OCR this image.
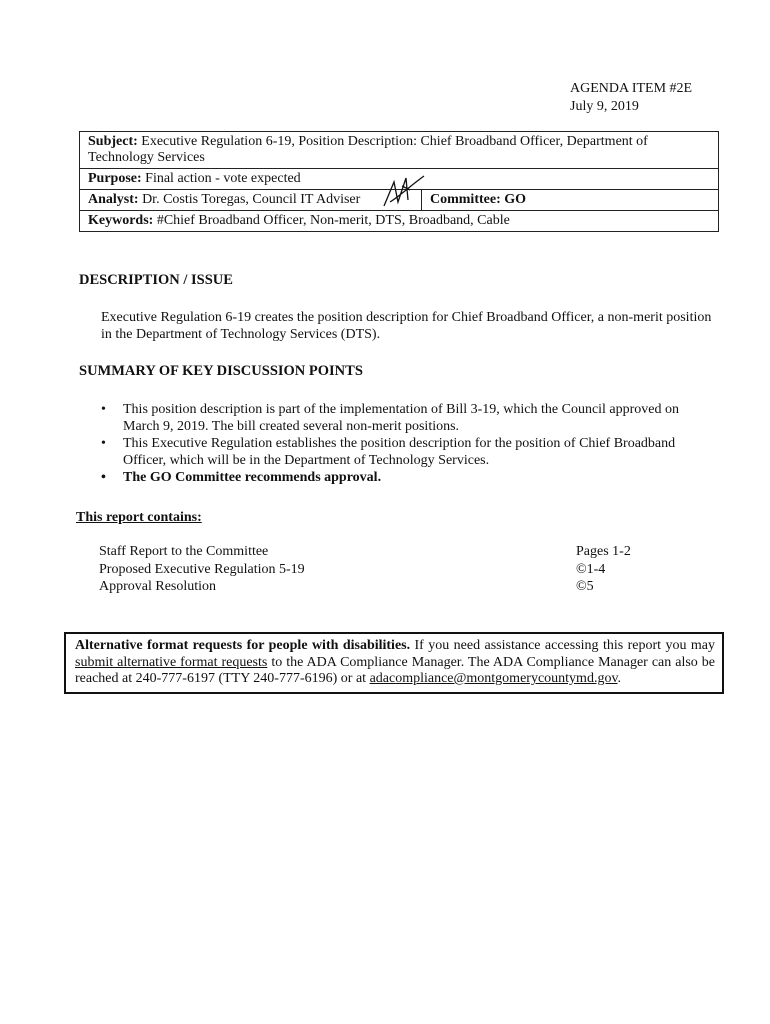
AGENDA ITEM #2E
July 9, 2019
Subject: Executive Regulation 6-19, Position Description: Chief Broadband Officer, Department of Technology Services
Purpose: Final action - vote expected
Analyst: Dr. Costis Toregas, Council IT Adviser	Committee: GO
Keywords: #Chief Broadband Officer, Non-merit, DTS, Broadband, Cable
DESCRIPTION / ISSUE
Executive Regulation 6-19 creates the position description for Chief Broadband Officer, a non-merit position in the Department of Technology Services (DTS).
SUMMARY OF KEY DISCUSSION POINTS
• This position description is part of the implementation of Bill 3-19, which the Council approved on March 9, 2019. The bill created several non-merit positions.
• This Executive Regulation establishes the position description for the position of Chief Broadband Officer, which will be in the Department of Technology Services.
• The GO Committee recommends approval.
This report contains:
Staff Report to the Committee	Pages 1-2
Proposed Executive Regulation 5-19	©1-4
Approval Resolution	©5
Alternative format requests for people with disabilities. If you need assistance accessing this report you may submit alternative format requests to the ADA Compliance Manager. The ADA Compliance Manager can also be reached at 240-777-6197 (TTY 240-777-6196) or at adacompliance@montgomerycountymd.gov.
